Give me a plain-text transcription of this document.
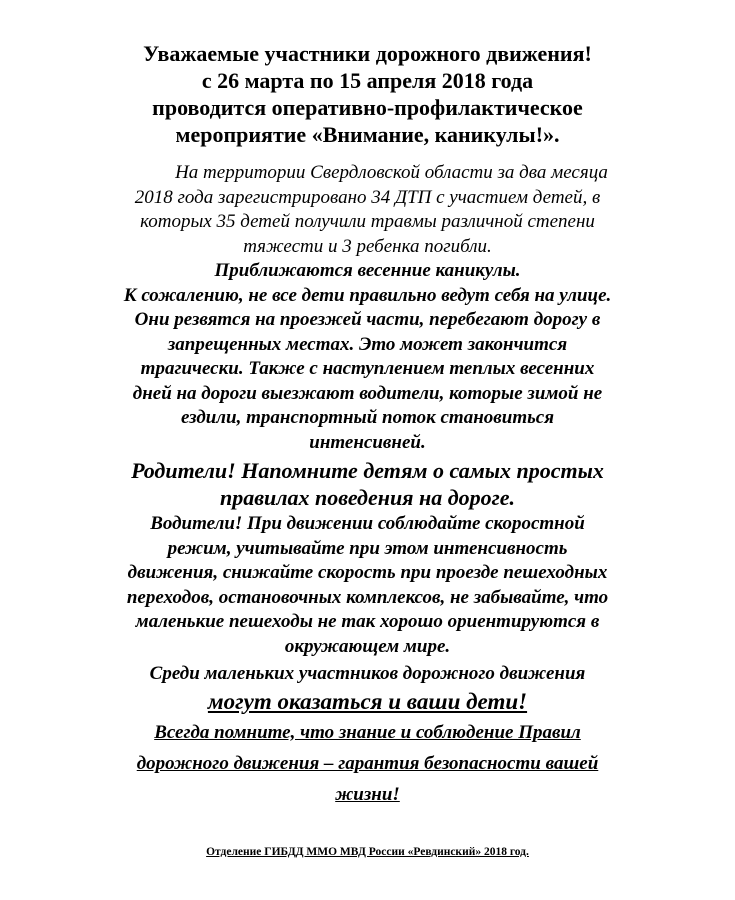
Уважаемые участники дорожного движения!
с 26 марта по 15 апреля 2018 года
проводится оперативно-профилактическое
мероприятие «Внимание, каникулы!».
На территории Свердловской области за два месяца
2018 года зарегистрировано 34 ДТП с участием детей, в
которых 35 детей получили травмы различной степени
тяжести и 3 ребенка погибли.
Приближаются весенние каникулы.
К сожалению, не все дети правильно ведут себя на улице.
Они резвятся на проезжей части, перебегают дорогу в
запрещенных местах. Это может закончится
трагически. Также с наступлением теплых весенних
дней на дороги выезжают водители, которые зимой не
ездили, транспортный поток становиться
интенсивней.
Родители! Напомните детям о самых простых
правилах поведения на дороге.
Водители! При движении соблюдайте скоростной
режим, учитывайте при этом интенсивность
движения, снижайте скорость при проезде пешеходных
переходов, остановочных комплексов, не забывайте, что
маленькие пешеходы не так хорошо ориентируются в
окружающем мире.
Среди маленьких участников дорожного движения
могут оказаться и ваши дети!
Всегда помните, что знание и соблюдение Правил
дорожного движения – гарантия безопасности вашей
жизни!
Отделение ГИБДД ММО МВД России «Ревдинский» 2018 год.
